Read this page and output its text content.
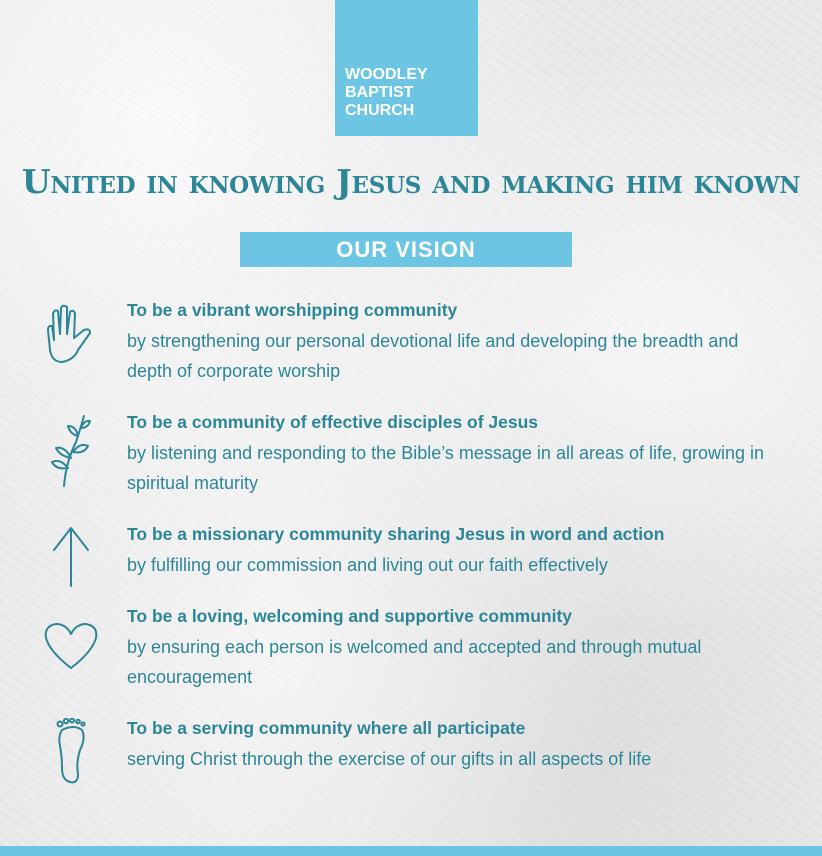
WOODLEY
BAPTIST
CHURCH

United in knowing Jesus and making him known
OUR VISION

To be a vibrant worshipping community

by strengthening our personal devotional life and developing the breadth and depth of corporate worship

To be a community of effective disciples of Jesus

by listening and responding to the Bible’s message in all areas of life, growing in spiritual maturity

To be a missionary community sharing Jesus in word and action

by fulfilling our commission and living out our faith effectively

To be a loving, welcoming and supportive community

by ensuring each person is welcomed and accepted and through mutual encouragement

To be a serving community where all participate

serving Christ through the exercise of our gifts in all aspects of life
